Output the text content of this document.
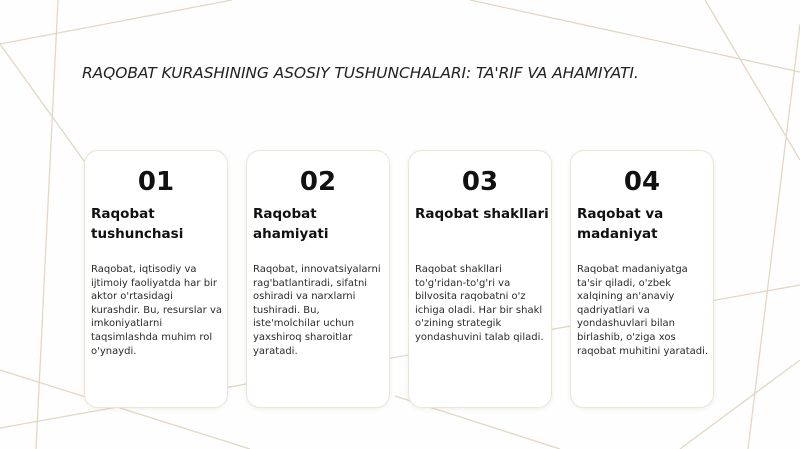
RAQOBAT KURASHINING ASOSIY TUSHUNCHALARI: TA'RIF VA AHAMIYATI.
01
Raqobat tushunchasi
Raqobat, iqtisodiy va ijtimoiy faoliyatda har bir aktor o'rtasidagi kurashdir. Bu, resurslar va imkoniyatlarni taqsimlashda muhim rol o'ynaydi.
02
Raqobat ahamiyati
Raqobat, innovatsiyalarni rag'batlantiradi, sifatni oshiradi va narxlarni tushiradi. Bu, iste'molchilar uchun yaxshiroq sharoitlar yaratadi.
03
Raqobat shakllari
Raqobat shakllari to'g'ridan-to'g'ri va bilvosita raqobatni o'z ichiga oladi. Har bir shakl o'zining strategik yondashuvini talab qiladi.
04
Raqobat va madaniyat
Raqobat madaniyatga ta'sir qiladi, o'zbek xalqining an'anaviy qadriyatlari va yondashuvlari bilan birlashib, o'ziga xos raqobat muhitini yaratadi.
